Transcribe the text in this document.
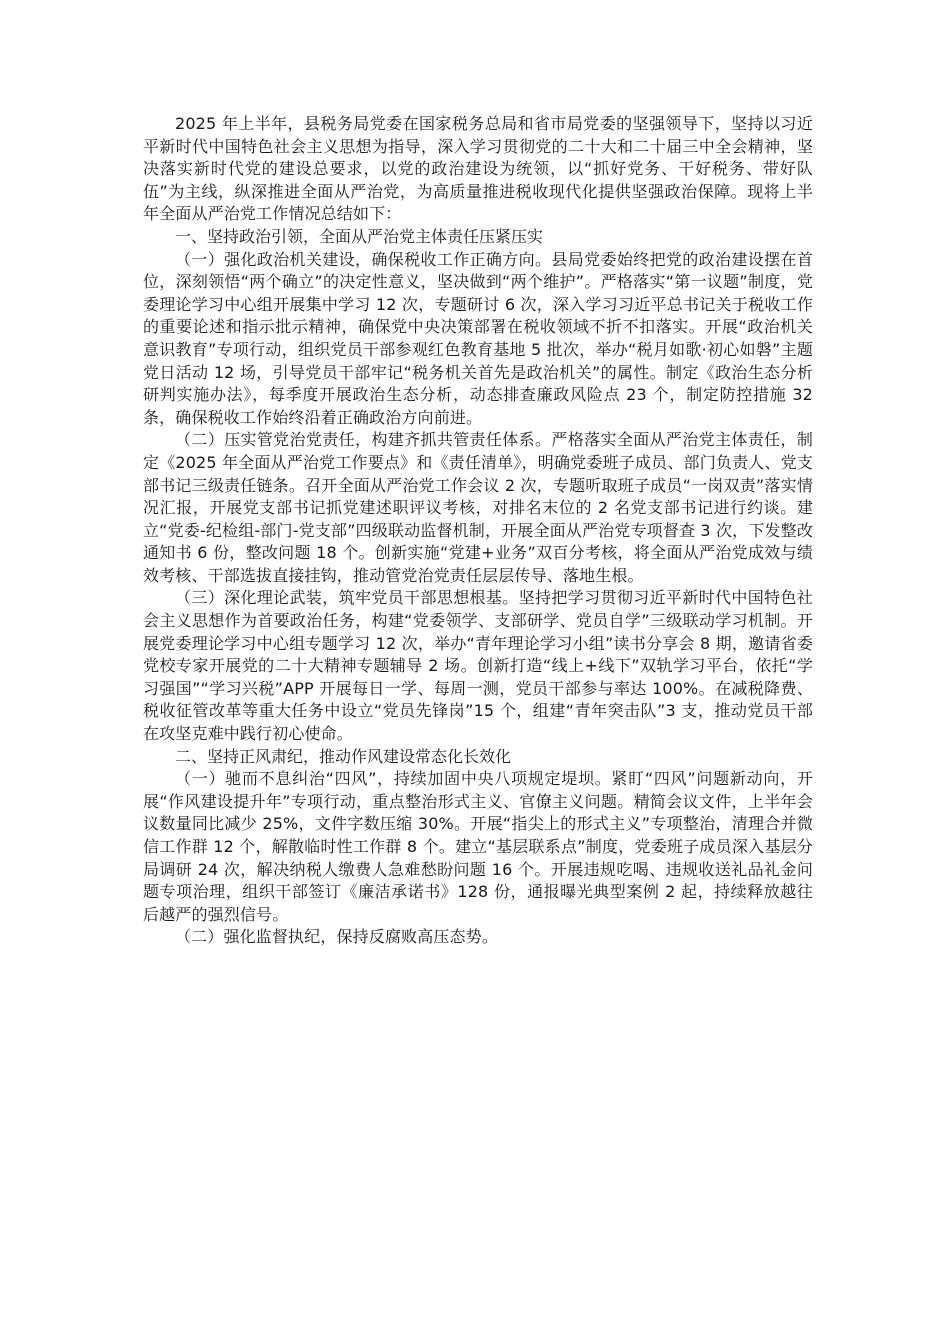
2025 年上半年，县税务局党委在国家税务总局和省市局党委的坚强领导下，坚持以习近平新时代中国特色社会主义思想为指导，深入学习贯彻党的二十大和二十届三中全会精神，坚决落实新时代党的建设总要求，以党的政治建设为统领，以“抓好党务、干好税务、带好队伍”为主线，纵深推进全面从严治党，为高质量推进税收现代化提供坚强政治保障。现将上半年全面从严治党工作情况总结如下：

一、坚持政治引领，全面从严治党主体责任压紧压实

（一）强化政治机关建设，确保税收工作正确方向。县局党委始终把党的政治建设摆在首位，深刻领悟“两个确立”的决定性意义，坚决做到“两个维护”。严格落实“第一议题”制度，党委理论学习中心组开展集中学习 12 次，专题研讨 6 次，深入学习习近平总书记关于税收工作的重要论述和指示批示精神，确保党中央决策部署在税收领域不折不扣落实。开展“政治机关意识教育”专项行动，组织党员干部参观红色教育基地 5 批次，举办“税月如歌·初心如磐”主题党日活动 12 场，引导党员干部牢记“税务机关首先是政治机关”的属性。制定《政治生态分析研判实施办法》，每季度开展政治生态分析，动态排查廉政风险点 23 个，制定防控措施 32 条，确保税收工作始终沿着正确政治方向前进。

（二）压实管党治党责任，构建齐抓共管责任体系。严格落实全面从严治党主体责任，制定《2025 年全面从严治党工作要点》和《责任清单》，明确党委班子成员、部门负责人、党支部书记三级责任链条。召开全面从严治党工作会议 2 次，专题听取班子成员“一岗双责”落实情况汇报，开展党支部书记抓党建述职评议考核，对排名末位的 2 名党支部书记进行约谈。建立“党委-纪检组-部门-党支部”四级联动监督机制，开展全面从严治党专项督查 3 次，下发整改通知书 6 份，整改问题 18 个。创新实施“党建+业务”双百分考核，将全面从严治党成效与绩效考核、干部选拔直接挂钩，推动管党治党责任层层传导、落地生根。

（三）深化理论武装，筑牢党员干部思想根基。坚持把学习贯彻习近平新时代中国特色社会主义思想作为首要政治任务，构建“党委领学、支部研学、党员自学”三级联动学习机制。开展党委理论学习中心组专题学习 12 次，举办“青年理论学习小组”读书分享会 8 期，邀请省委党校专家开展党的二十大精神专题辅导 2 场。创新打造“线上+线下”双轨学习平台，依托“学习强国”“学习兴税”APP 开展每日一学、每周一测，党员干部参与率达 100%。在减税降费、税收征管改革等重大任务中设立“党员先锋岗”15 个，组建“青年突击队”3 支，推动党员干部在攻坚克难中践行初心使命。

二、坚持正风肃纪，推动作风建设常态化长效化

（一）驰而不息纠治“四风”，持续加固中央八项规定堤坝。紧盯“四风”问题新动向，开展“作风建设提升年”专项行动，重点整治形式主义、官僚主义问题。精简会议文件，上半年会议数量同比减少 25%，文件字数压缩 30%。开展“指尖上的形式主义”专项整治，清理合并微信工作群 12 个，解散临时性工作群 8 个。建立“基层联系点”制度，党委班子成员深入基层分局调研 24 次，解决纳税人缴费人急难愁盼问题 16 个。开展违规吃喝、违规收送礼品礼金问题专项治理，组织干部签订《廉洁承诺书》128 份，通报曝光典型案例 2 起，持续释放越往后越严的强烈信号。

（二）强化监督执纪，保持反腐败高压态势。
